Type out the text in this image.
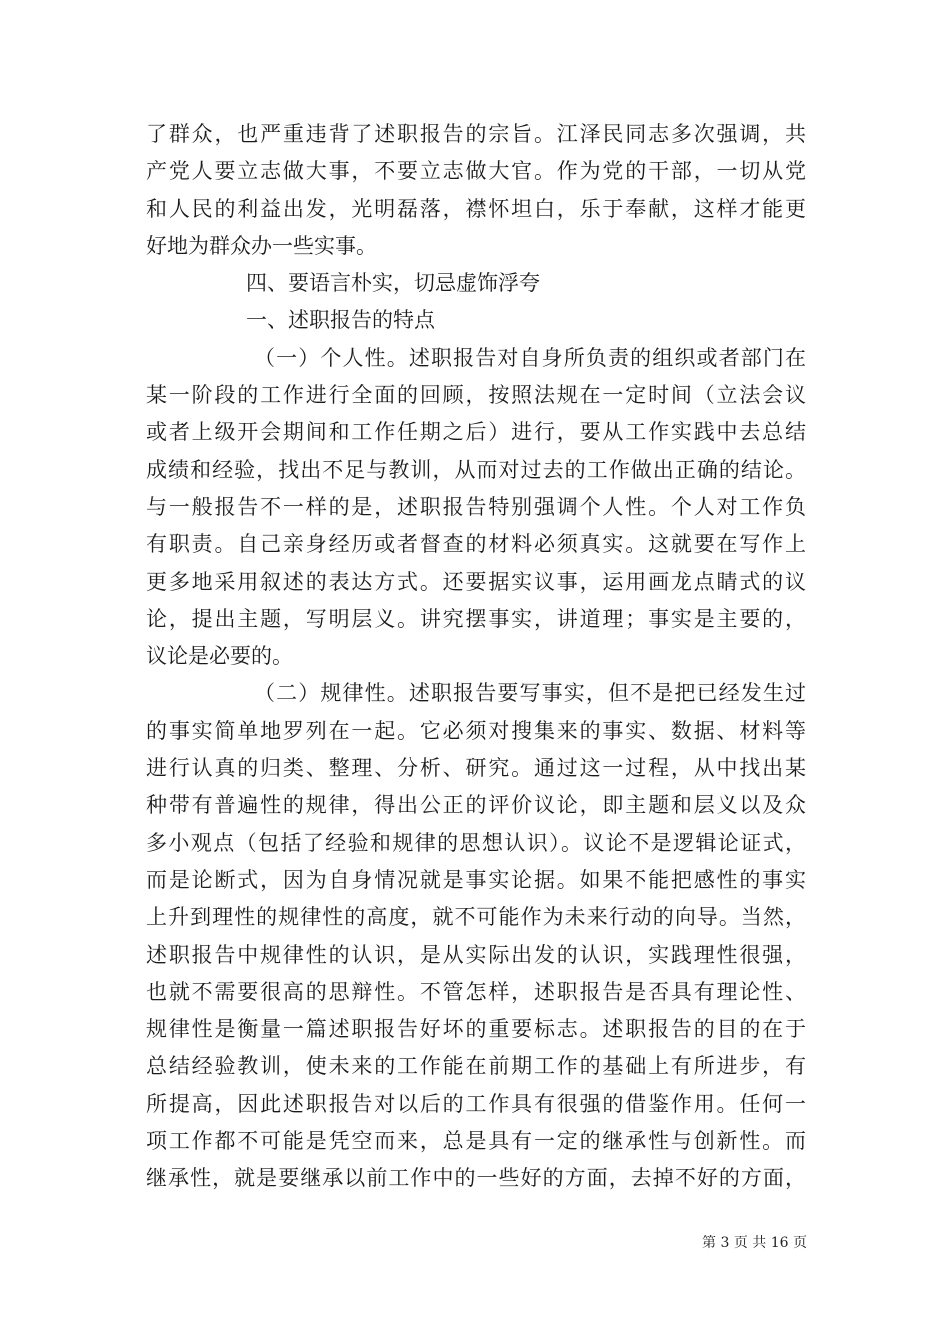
了群众，也严重违背了述职报告的宗旨。江泽民同志多次强调，共
产党人要立志做大事，不要立志做大官。作为党的干部，一切从党
和人民的利益出发，光明磊落，襟怀坦白，乐于奉献，这样才能更
好地为群众办一些实事。
四、要语言朴实，切忌虚饰浮夸
一、述职报告的特点
（一）个人性。述职报告对自身所负责的组织或者部门在
某一阶段的工作进行全面的回顾，按照法规在一定时间（立法会议
或者上级开会期间和工作任期之后）进行，要从工作实践中去总结
成绩和经验，找出不足与教训，从而对过去的工作做出正确的结论。
与一般报告不一样的是，述职报告特别强调个人性。个人对工作负
有职责。自己亲身经历或者督查的材料必须真实。这就要在写作上
更多地采用叙述的表达方式。还要据实议事，运用画龙点睛式的议
论，提出主题，写明层义。讲究摆事实，讲道理；事实是主要的，
议论是必要的。
（二）规律性。述职报告要写事实，但不是把已经发生过
的事实简单地罗列在一起。它必须对搜集来的事实、数据、材料等
进行认真的归类、整理、分析、研究。通过这一过程，从中找出某
种带有普遍性的规律，得出公正的评价议论，即主题和层义以及众
多小观点（包括了经验和规律的思想认识）。议论不是逻辑论证式，
而是论断式，因为自身情况就是事实论据。如果不能把感性的事实
上升到理性的规律性的高度，就不可能作为未来行动的向导。当然，
述职报告中规律性的认识，是从实际出发的认识，实践理性很强，
也就不需要很高的思辩性。不管怎样，述职报告是否具有理论性、
规律性是衡量一篇述职报告好坏的重要标志。述职报告的目的在于
总结经验教训，使未来的工作能在前期工作的基础上有所进步，有
所提高，因此述职报告对以后的工作具有很强的借鉴作用。任何一
项工作都不可能是凭空而来，总是具有一定的继承性与创新性。而
继承性，就是要继承以前工作中的一些好的方面，去掉不好的方面，
第 3 页 共 16 页
